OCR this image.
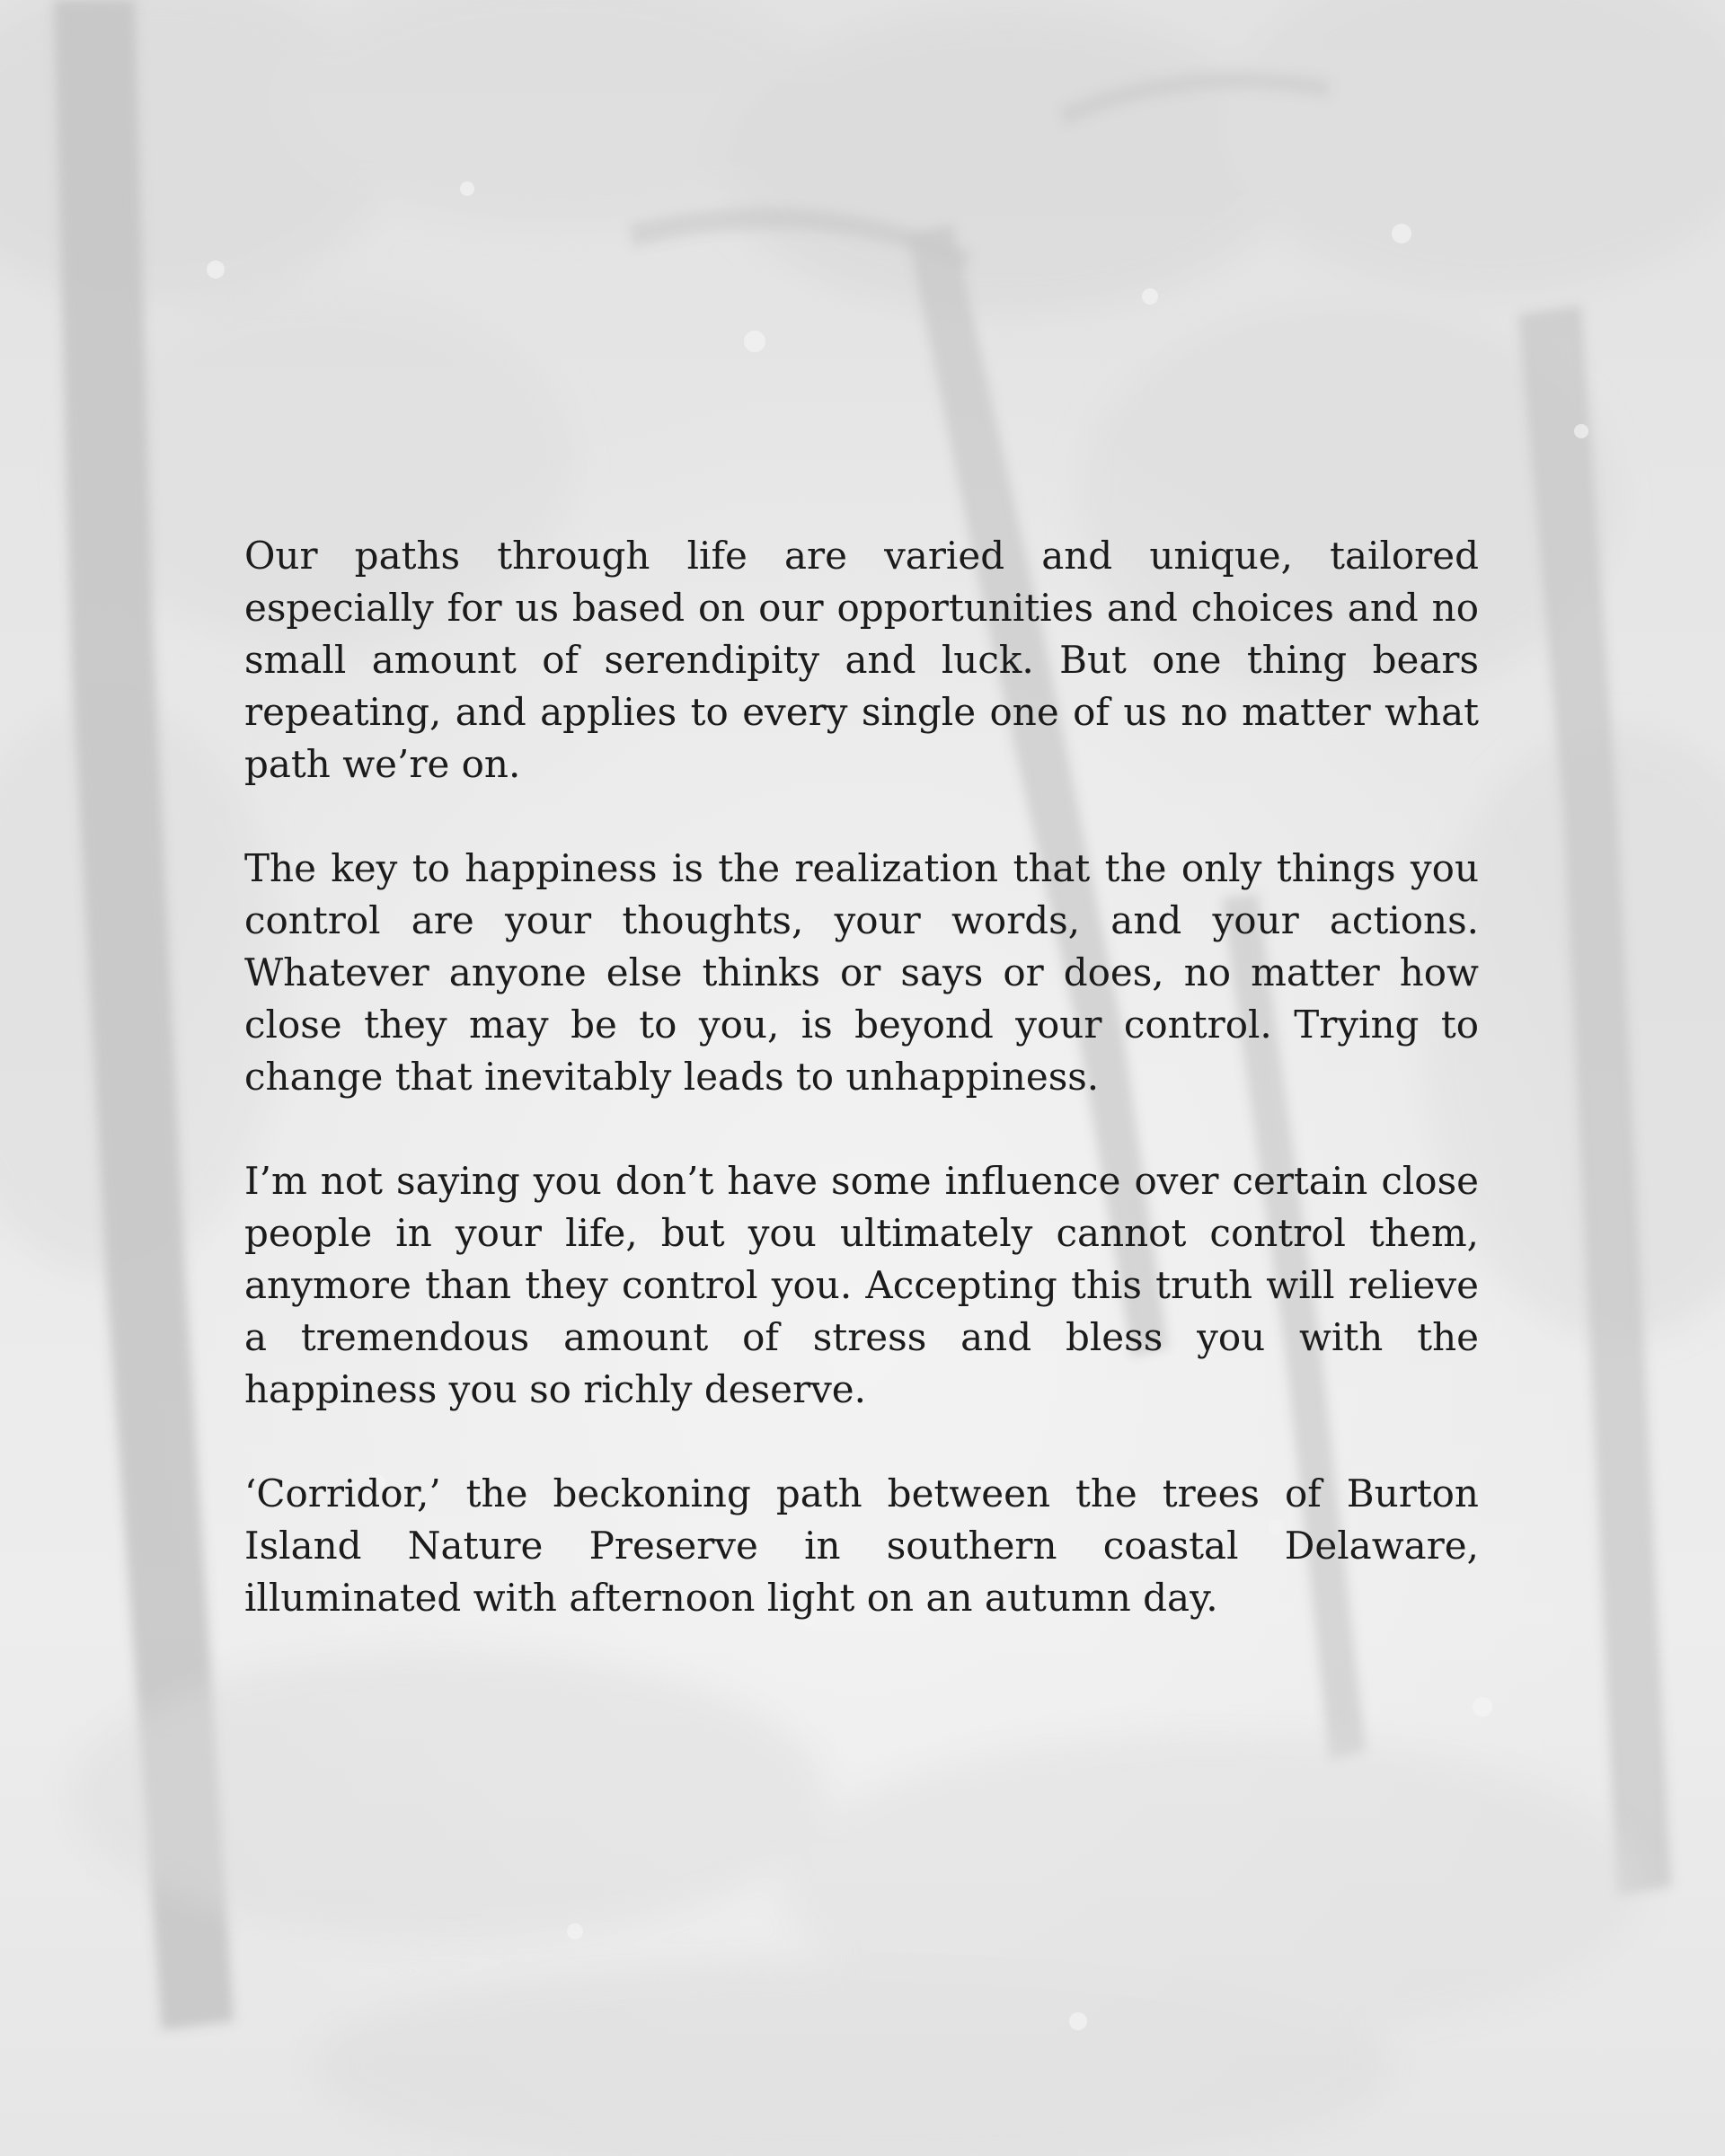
Our paths through life are varied and unique, tailored especially for us based on our opportunities and choices and no small amount of serendipity and luck. But one thing bears repeating, and applies to every single one of us no matter what path we’re on.

The key to happiness is the realization that the only things you control are your thoughts, your words, and your actions. Whatever anyone else thinks or says or does, no matter how close they may be to you, is beyond your control. Trying to change that inevitably leads to unhappiness.

I’m not saying you don’t have some influence over certain close people in your life, but you ultimately cannot control them, anymore than they control you. Accepting this truth will relieve a tremendous amount of stress and bless you with the happiness you so richly deserve.

‘Corridor,’ the beckoning path between the trees of Burton Island Nature Preserve in southern coastal Delaware, illuminated with afternoon light on an autumn day.
